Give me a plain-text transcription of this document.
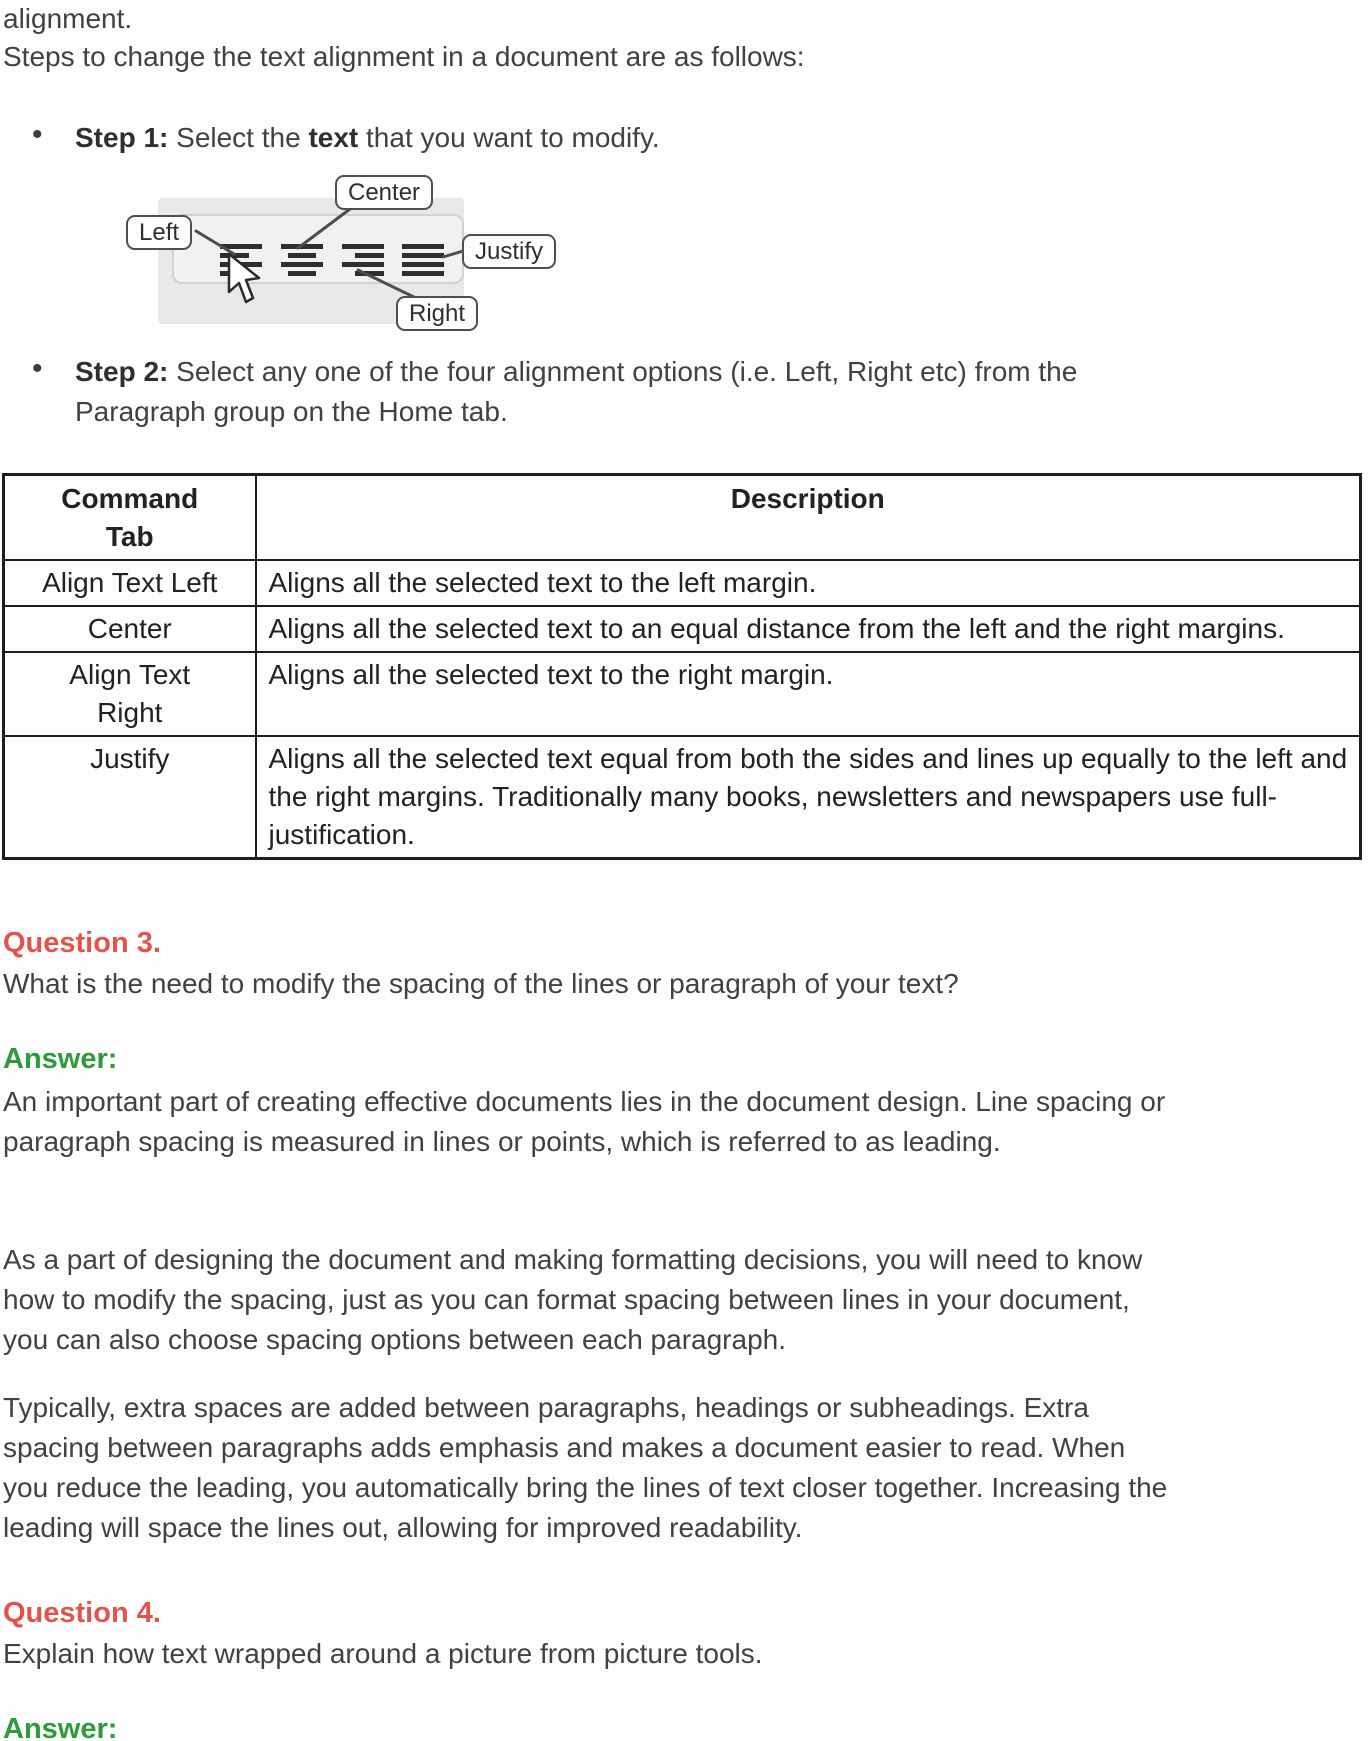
alignment.
Steps to change the text alignment in a document are as follows:
•
Step 1: Select the text that you want to modify.
Left
Center
Justify
Right
•
Step 2: Select any one of the four alignment options (i.e. Left, Right etc) from the Paragraph group on the Home tab.
Command Tab	Description
Align Text Left	Aligns all the selected text to the left margin.
Center	Aligns all the selected text to an equal distance from the left and the right margins.
Align Text Right	Aligns all the selected text to the right margin.
Justify	Aligns all the selected text equal from both the sides and lines up equally to the left and the right margins. Traditionally many books, newsletters and newspapers use full-justification.
Question 3.
What is the need to modify the spacing of the lines or paragraph of your text?
Answer:
An important part of creating effective documents lies in the document design. Line spacing or paragraph spacing is measured in lines or points, which is referred to as leading.
As a part of designing the document and making formatting decisions, you will need to know how to modify the spacing, just as you can format spacing between lines in your document, you can also choose spacing options between each paragraph.
Typically, extra spaces are added between paragraphs, headings or subheadings. Extra spacing between paragraphs adds emphasis and makes a document easier to read. When you reduce the leading, you automatically bring the lines of text closer together. Increasing the leading will space the lines out, allowing for improved readability.
Question 4.
Explain how text wrapped around a picture from picture tools.
Answer:
